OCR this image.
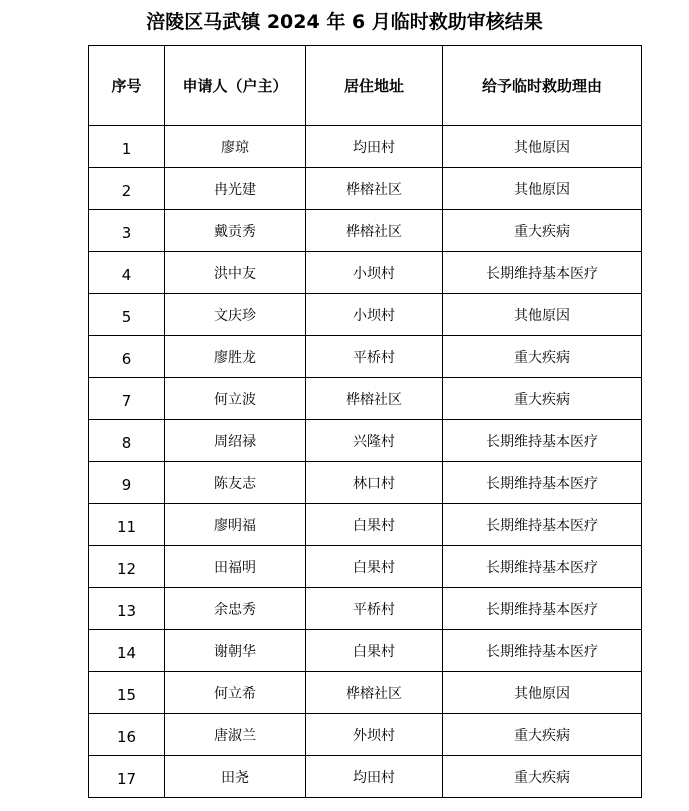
涪陵区马武镇 2024 年 6 月临时救助审核结果
序号	申请人（户主）	居住地址	给予临时救助理由
1	廖琼	均田村	其他原因
2	冉光建	桦榕社区	其他原因
3	戴贡秀	桦榕社区	重大疾病
4	洪中友	小坝村	长期维持基本医疗
5	文庆珍	小坝村	其他原因
6	廖胜龙	平桥村	重大疾病
7	何立波	桦榕社区	重大疾病
8	周绍禄	兴隆村	长期维持基本医疗
9	陈友志	林口村	长期维持基本医疗
11	廖明福	白果村	长期维持基本医疗
12	田福明	白果村	长期维持基本医疗
13	余忠秀	平桥村	长期维持基本医疗
14	谢朝华	白果村	长期维持基本医疗
15	何立希	桦榕社区	其他原因
16	唐淑兰	外坝村	重大疾病
17	田尧	均田村	重大疾病
